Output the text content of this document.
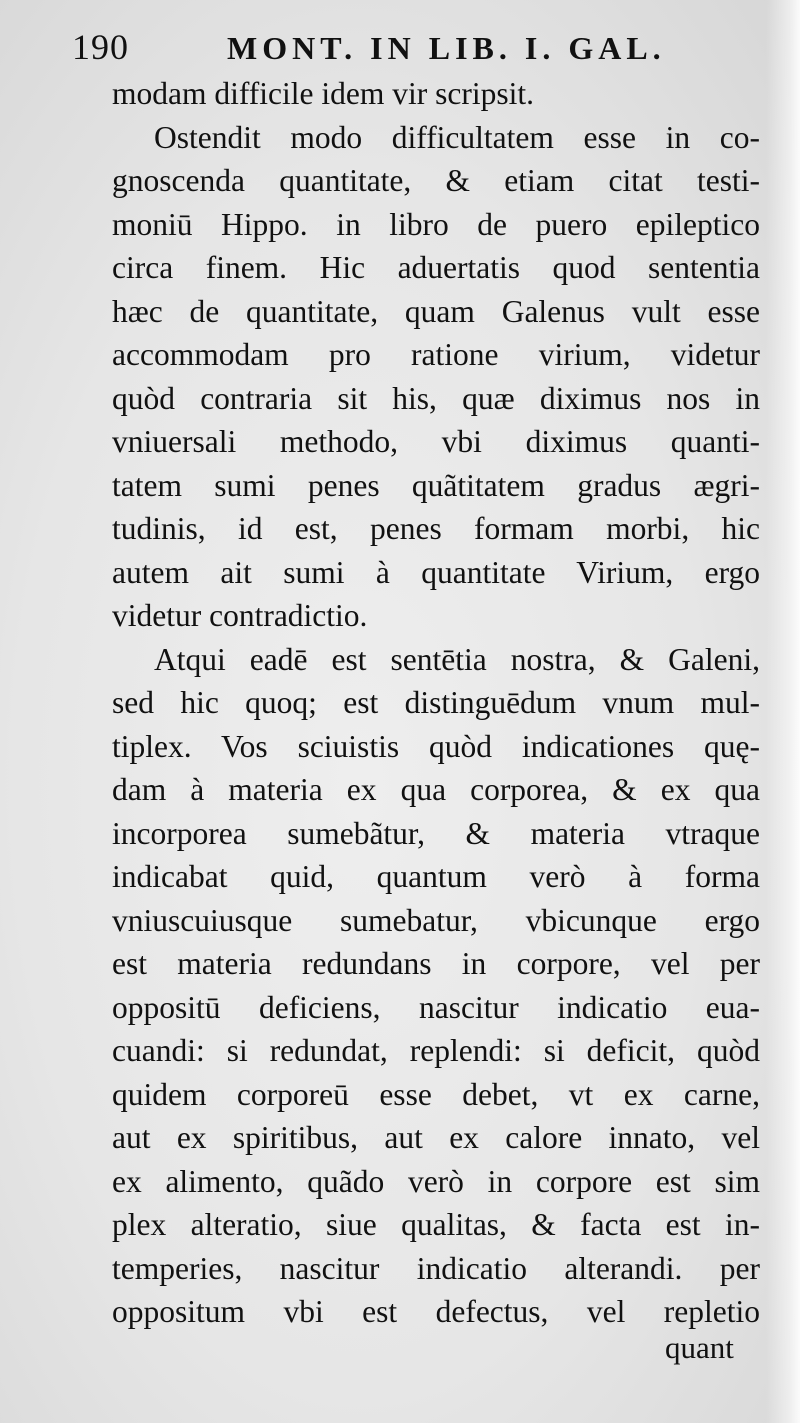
190	MONT. IN LIB. I. GAL.
modam difficile idem vir scripsit.
Ostendit modo difficultatem esse in co-
gnoscenda quantitate, & etiam citat testi-
moniū Hippo. in libro de puero epileptico
circa finem. Hic aduertatis quod sententia
hæc de quantitate, quam Galenus vult esse
accommodam pro ratione virium, videtur
quòd contraria sit his, quæ diximus nos in
vniuersali methodo, vbi diximus quanti-
tatem sumi penes quãtitatem gradus ægri-
tudinis, id est, penes formam morbi, hic
autem ait sumi à quantitate Virium, ergo
videtur contradictio.
Atqui eadē est sentētia nostra, & Galeni,
sed hic quoq; est distinguēdum vnum mul-
tiplex. Vos sciuistis quòd indicationes quę-
dam à materia ex qua corporea, & ex qua
incorporea sumebãtur, & materia vtraque
indicabat quid, quantum verò à forma
vniuscuiusque sumebatur, vbicunque ergo
est materia redundans in corpore, vel per
oppositū deficiens, nascitur indicatio eua-
cuandi: si redundat, replendi: si deficit, quòd
quidem corporeū esse debet, vt ex carne,
aut ex spiritibus, aut ex calore innato, vel
ex alimento, quãdo verò in corpore est sim
plex alteratio, siue qualitas, & facta est in-
temperies, nascitur indicatio alterandi. per
oppositum vbi est defectus, vel repletio
quant
